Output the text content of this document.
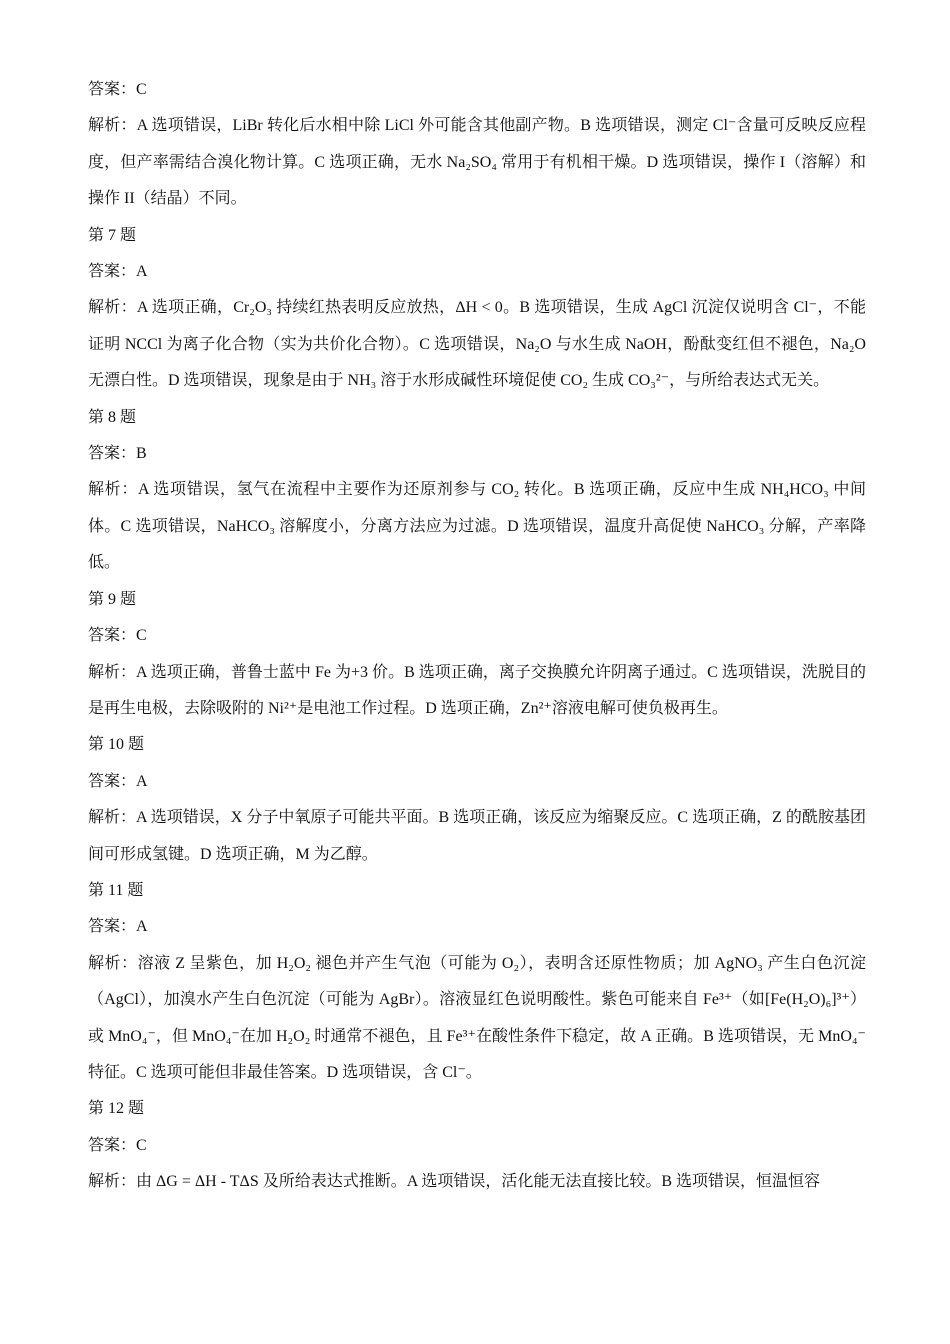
答案：C

解析：A 选项错误，LiBr 转化后水相中除 LiCl 外可能含其他副产物。B 选项错误，测定 Cl⁻含量可反映反应程度，但产率需结合溴化物计算。C 选项正确，无水 Na₂SO₄ 常用于有机相干燥。D 选项错误，操作 I（溶解）和操作 II（结晶）不同。

第 7 题

答案：A

解析：A 选项正确，Cr₂O₃ 持续红热表明反应放热，ΔH < 0。B 选项错误，生成 AgCl 沉淀仅说明含 Cl⁻，不能证明 NCCl 为离子化合物（实为共价化合物）。C 选项错误，Na₂O 与水生成 NaOH，酚酞变红但不褪色，Na₂O 无漂白性。D 选项错误，现象是由于 NH₃ 溶于水形成碱性环境促使 CO₂ 生成 CO₃²⁻，与所给表达式无关。

第 8 题

答案：B

解析：A 选项错误，氢气在流程中主要作为还原剂参与 CO₂ 转化。B 选项正确，反应中生成 NH₄HCO₃ 中间体。C 选项错误，NaHCO₃ 溶解度小，分离方法应为过滤。D 选项错误，温度升高促使 NaHCO₃ 分解，产率降低。

第 9 题

答案：C

解析：A 选项正确，普鲁士蓝中 Fe 为+3 价。B 选项正确，离子交换膜允许阴离子通过。C 选项错误，洗脱目的是再生电极，去除吸附的 Ni²⁺是电池工作过程。D 选项正确，Zn²⁺溶液电解可使负极再生。

第 10 题

答案：A

解析：A 选项错误，X 分子中氧原子可能共平面。B 选项正确，该反应为缩聚反应。C 选项正确，Z 的酰胺基团间可形成氢键。D 选项正确，M 为乙醇。

第 11 题

答案：A

解析：溶液 Z 呈紫色，加 H₂O₂ 褪色并产生气泡（可能为 O₂），表明含还原性物质；加 AgNO₃ 产生白色沉淀（AgCl），加溴水产生白色沉淀（可能为 AgBr）。溶液显红色说明酸性。紫色可能来自 Fe³⁺（如[Fe(H₂O)₆]³⁺）或 MnO₄⁻，但 MnO₄⁻在加 H₂O₂ 时通常不褪色，且 Fe³⁺在酸性条件下稳定，故 A 正确。B 选项错误，无 MnO₄⁻特征。C 选项可能但非最佳答案。D 选项错误，含 Cl⁻。

第 12 题

答案：C

解析：由 ΔG = ΔH - TΔS 及所给表达式推断。A 选项错误，活化能无法直接比较。B 选项错误，恒温恒容
